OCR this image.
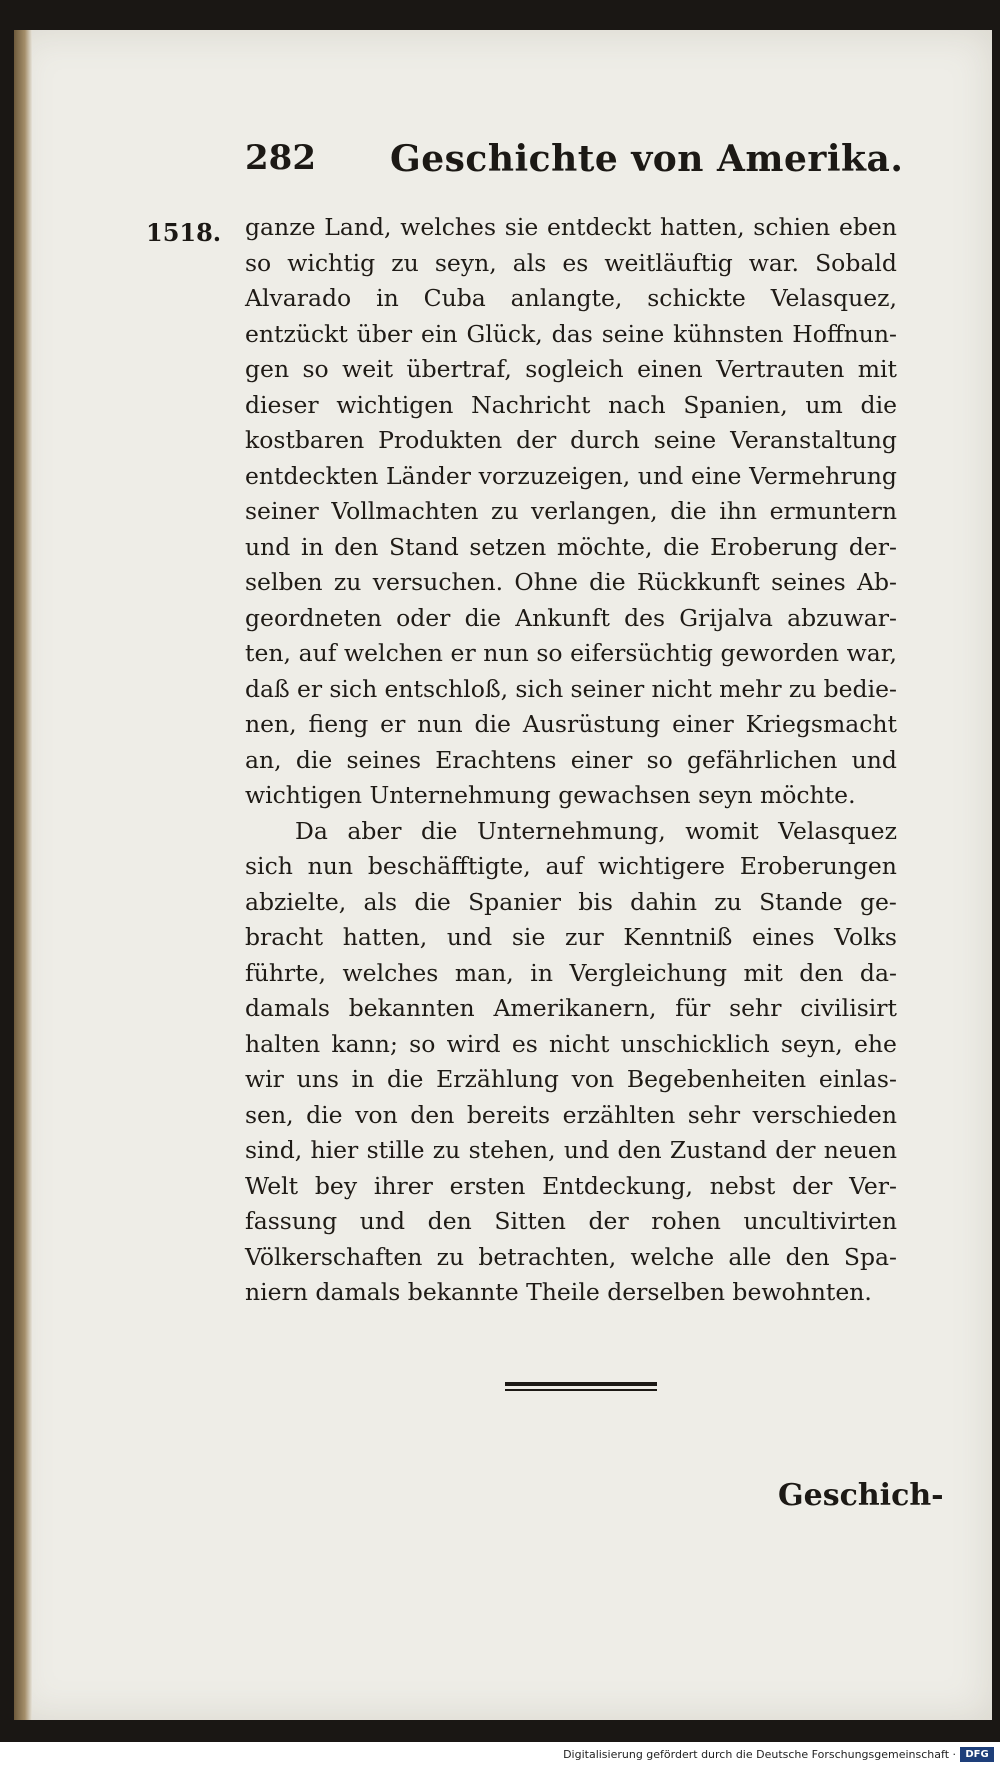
282 Geschichte von Amerika.
1518. ganze Land, welches sie entdeckt hatten, schien eben
so wichtig zu seyn, als es weitläuftig war. Sobald
Alvarado in Cuba anlangte, schickte Velasquez,
entzückt über ein Glück, das seine kühnsten Hoffnun-
gen so weit übertraf, sogleich einen Vertrauten mit
dieser wichtigen Nachricht nach Spanien, um die
kostbaren Produkten der durch seine Veranstaltung
entdeckten Länder vorzuzeigen, und eine Vermehrung
seiner Vollmachten zu verlangen, die ihn ermuntern
und in den Stand setzen möchte, die Eroberung der-
selben zu versuchen. Ohne die Rückkunft seines Ab-
geordneten oder die Ankunft des Grijalva abzuwar-
ten, auf welchen er nun so eifersüchtig geworden war,
daß er sich entschloß, sich seiner nicht mehr zu bedie-
nen, fieng er nun die Ausrüstung einer Kriegsmacht
an, die seines Erachtens einer so gefährlichen und
wichtigen Unternehmung gewachsen seyn möchte.
Da aber die Unternehmung, womit Velasquez
sich nun beschäfftigte, auf wichtigere Eroberungen
abzielte, als die Spanier bis dahin zu Stande ge-
bracht hatten, und sie zur Kenntniß eines Volks
führte, welches man, in Vergleichung mit den da-
damals bekannten Amerikanern, für sehr civilisirt
halten kann; so wird es nicht unschicklich seyn, ehe
wir uns in die Erzählung von Begebenheiten einlas-
sen, die von den bereits erzählten sehr verschieden
sind, hier stille zu stehen, und den Zustand der neuen
Welt bey ihrer ersten Entdeckung, nebst der Ver-
fassung und den Sitten der rohen uncultivirten
Völkerschaften zu betrachten, welche alle den Spa-
niern damals bekannte Theile derselben bewohnten.
Geschich-
Digitalisierung gefördert durch die Deutsche Forschungsgemeinschaft · DFG
